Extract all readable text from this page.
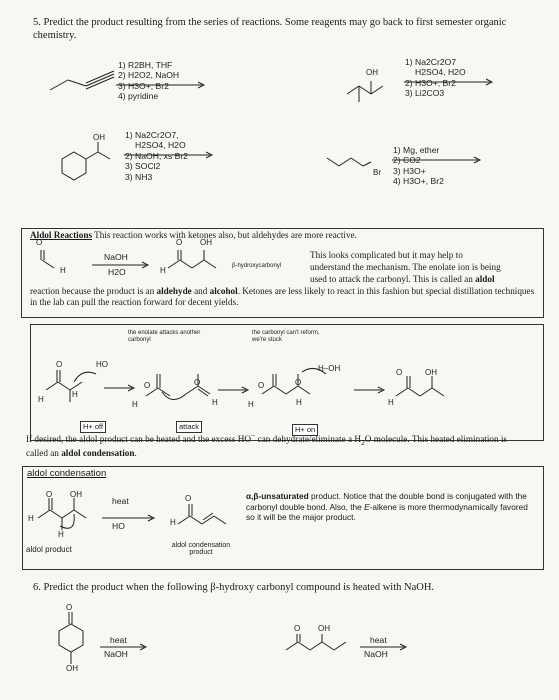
5. Predict the product resulting from the series of reactions. Some reagents may go back to first semester organic chemistry.
1) R2BH, THF
2) H2O2, NaOH
3) H3O+, Br2
4) pyridine
OH
1) Na2Cr2O7
H2SO4, H2O
2) H3O+, Br2
3) Li2CO3
OH 1) Na2Cr2O7,
H2SO4, H2O
2) NaOH, xs Br2
3) SOCl2
3) NH3	Br
1) Mg, ether
2) CO2
3) H3O+
4) H3O+, Br2
Aldol Reactions This reaction works with ketones also, but aldehydes are more reactive.
O
H
NaOH
H2O
O OH
H	β-hydroxycarbonyl
This looks complicated but it may help to
understand the mechanism. The enolate ion is being
used to attack the carbonyl. This is called an aldol
reaction because the product is an aldehyde and alcohol. Ketones are less likely to react in this fashion but special distillation techniques in the lab can pull the reaction forward for decent yields.
the enolate attacks another carbonyl
the carbonyl can't reform, we're stuck
H
H
O	HO
O
H
O
H
O
H
O
H
H–OH	O	OH
H
H+ off	attack	H+ on
If desired, the aldol product can be heated and the excess HO− can dehydrate/eliminate a $H_2O$ molecule. This heated elimination is called an aldol condensation.
aldol condensation
O OH
H
H
heat
HO
O
H
aldol product	aldol condensation
product
α,β-unsaturated product. Notice that the double bond is conjugated with the carbonyl double bond. Also, the E-alkene is more thermodynamically favored so it will be the major product.
6. Predict the product when the following β-hydroxy carbonyl compound is heated with NaOH.
O
OH
heat
NaOH
O OH
heat
NaOH
